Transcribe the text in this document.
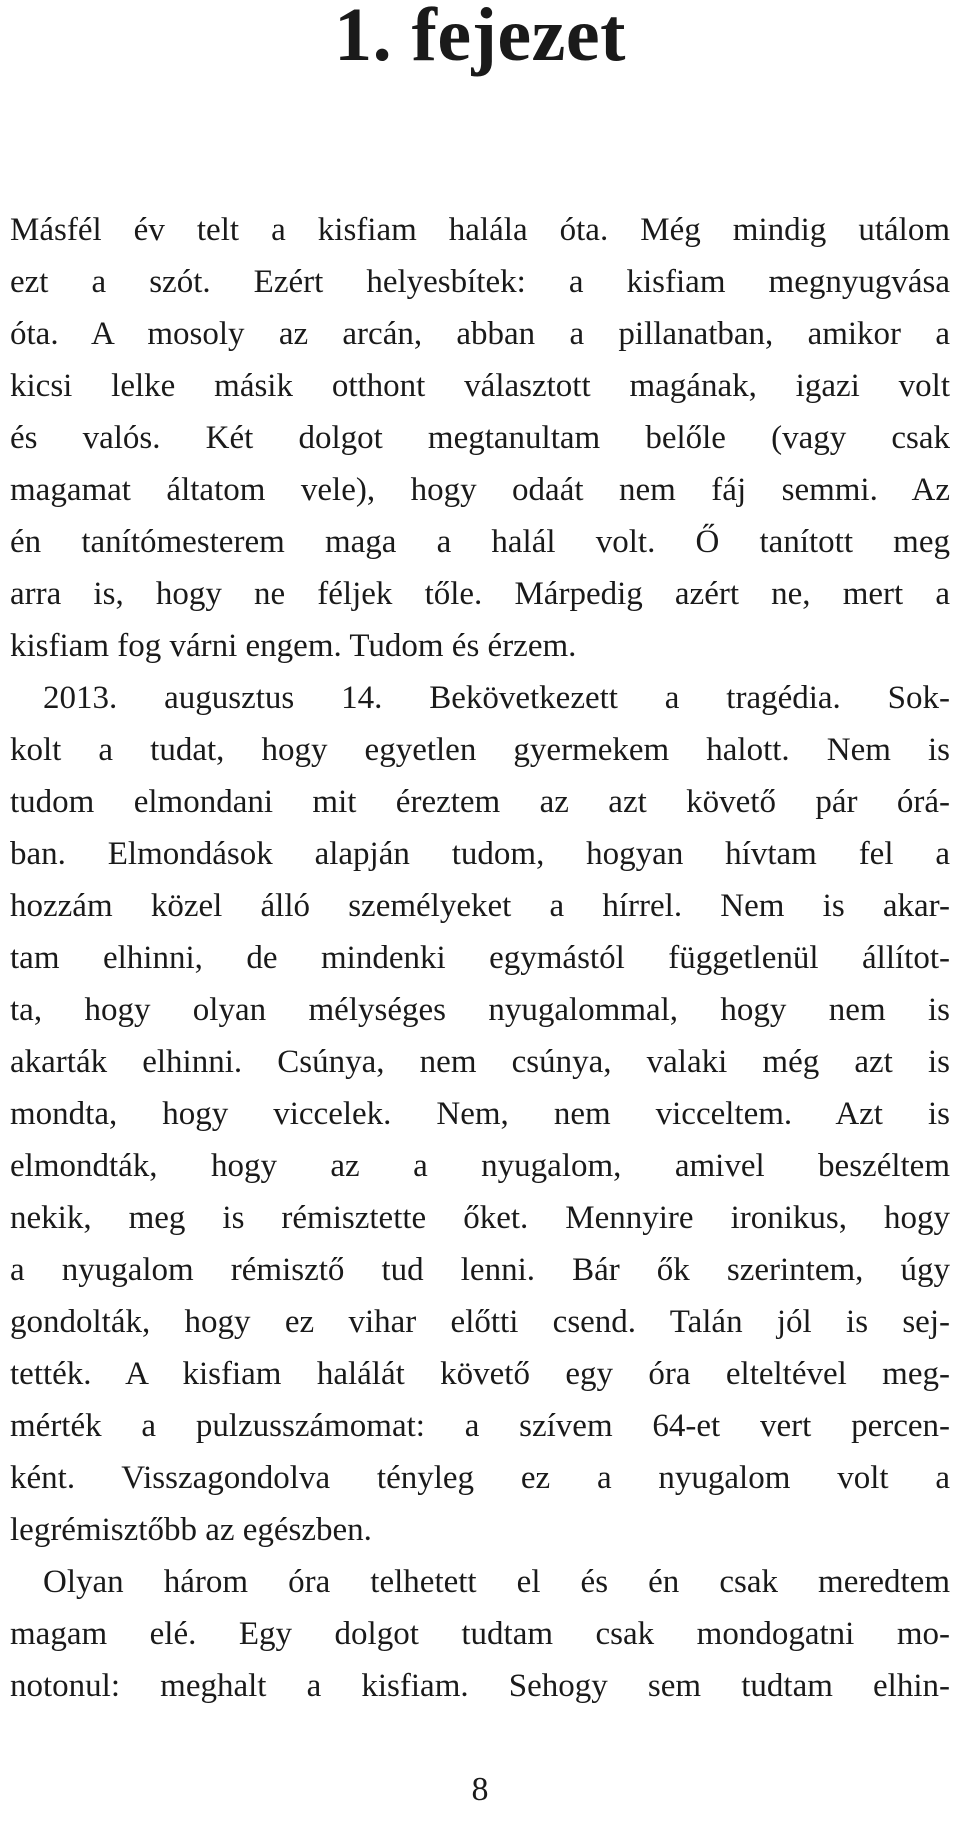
1. fejezet
Másfél év telt a kisfiam halála óta. Még mindig utálom
ezt a szót. Ezért helyesbítek: a kisfiam megnyugvása
óta. A mosoly az arcán, abban a pillanatban, amikor a
kicsi lelke másik otthont választott magának, igazi volt
és valós. Két dolgot megtanultam belőle (vagy csak
magamat áltatom vele), hogy odaát nem fáj semmi. Az
én tanítómesterem maga a halál volt. Ő tanított meg
arra is, hogy ne féljek tőle. Márpedig azért ne, mert a
kisfiam fog várni engem. Tudom és érzem.
2013. augusztus 14. Bekövetkezett a tragédia. Sok-
kolt a tudat, hogy egyetlen gyermekem halott. Nem is
tudom elmondani mit éreztem az azt követő pár órá-
ban. Elmondások alapján tudom, hogyan hívtam fel a
hozzám közel álló személyeket a hírrel. Nem is akar-
tam elhinni, de mindenki egymástól függetlenül állítot-
ta, hogy olyan mélységes nyugalommal, hogy nem is
akarták elhinni. Csúnya, nem csúnya, valaki még azt is
mondta, hogy viccelek. Nem, nem vicceltem. Azt is
elmondták, hogy az a nyugalom, amivel beszéltem
nekik, meg is rémisztette őket. Mennyire ironikus, hogy
a nyugalom rémisztő tud lenni. Bár ők szerintem, úgy
gondolták, hogy ez vihar előtti csend. Talán jól is sej-
tették. A kisfiam halálát követő egy óra elteltével meg-
mérték a pulzusszámomat: a szívem 64-et vert percen-
ként. Visszagondolva tényleg ez a nyugalom volt a
legrémisztőbb az egészben.
Olyan három óra telhetett el és én csak meredtem
magam elé. Egy dolgot tudtam csak mondogatni mo-
notonul: meghalt a kisfiam. Sehogy sem tudtam elhin-
8
